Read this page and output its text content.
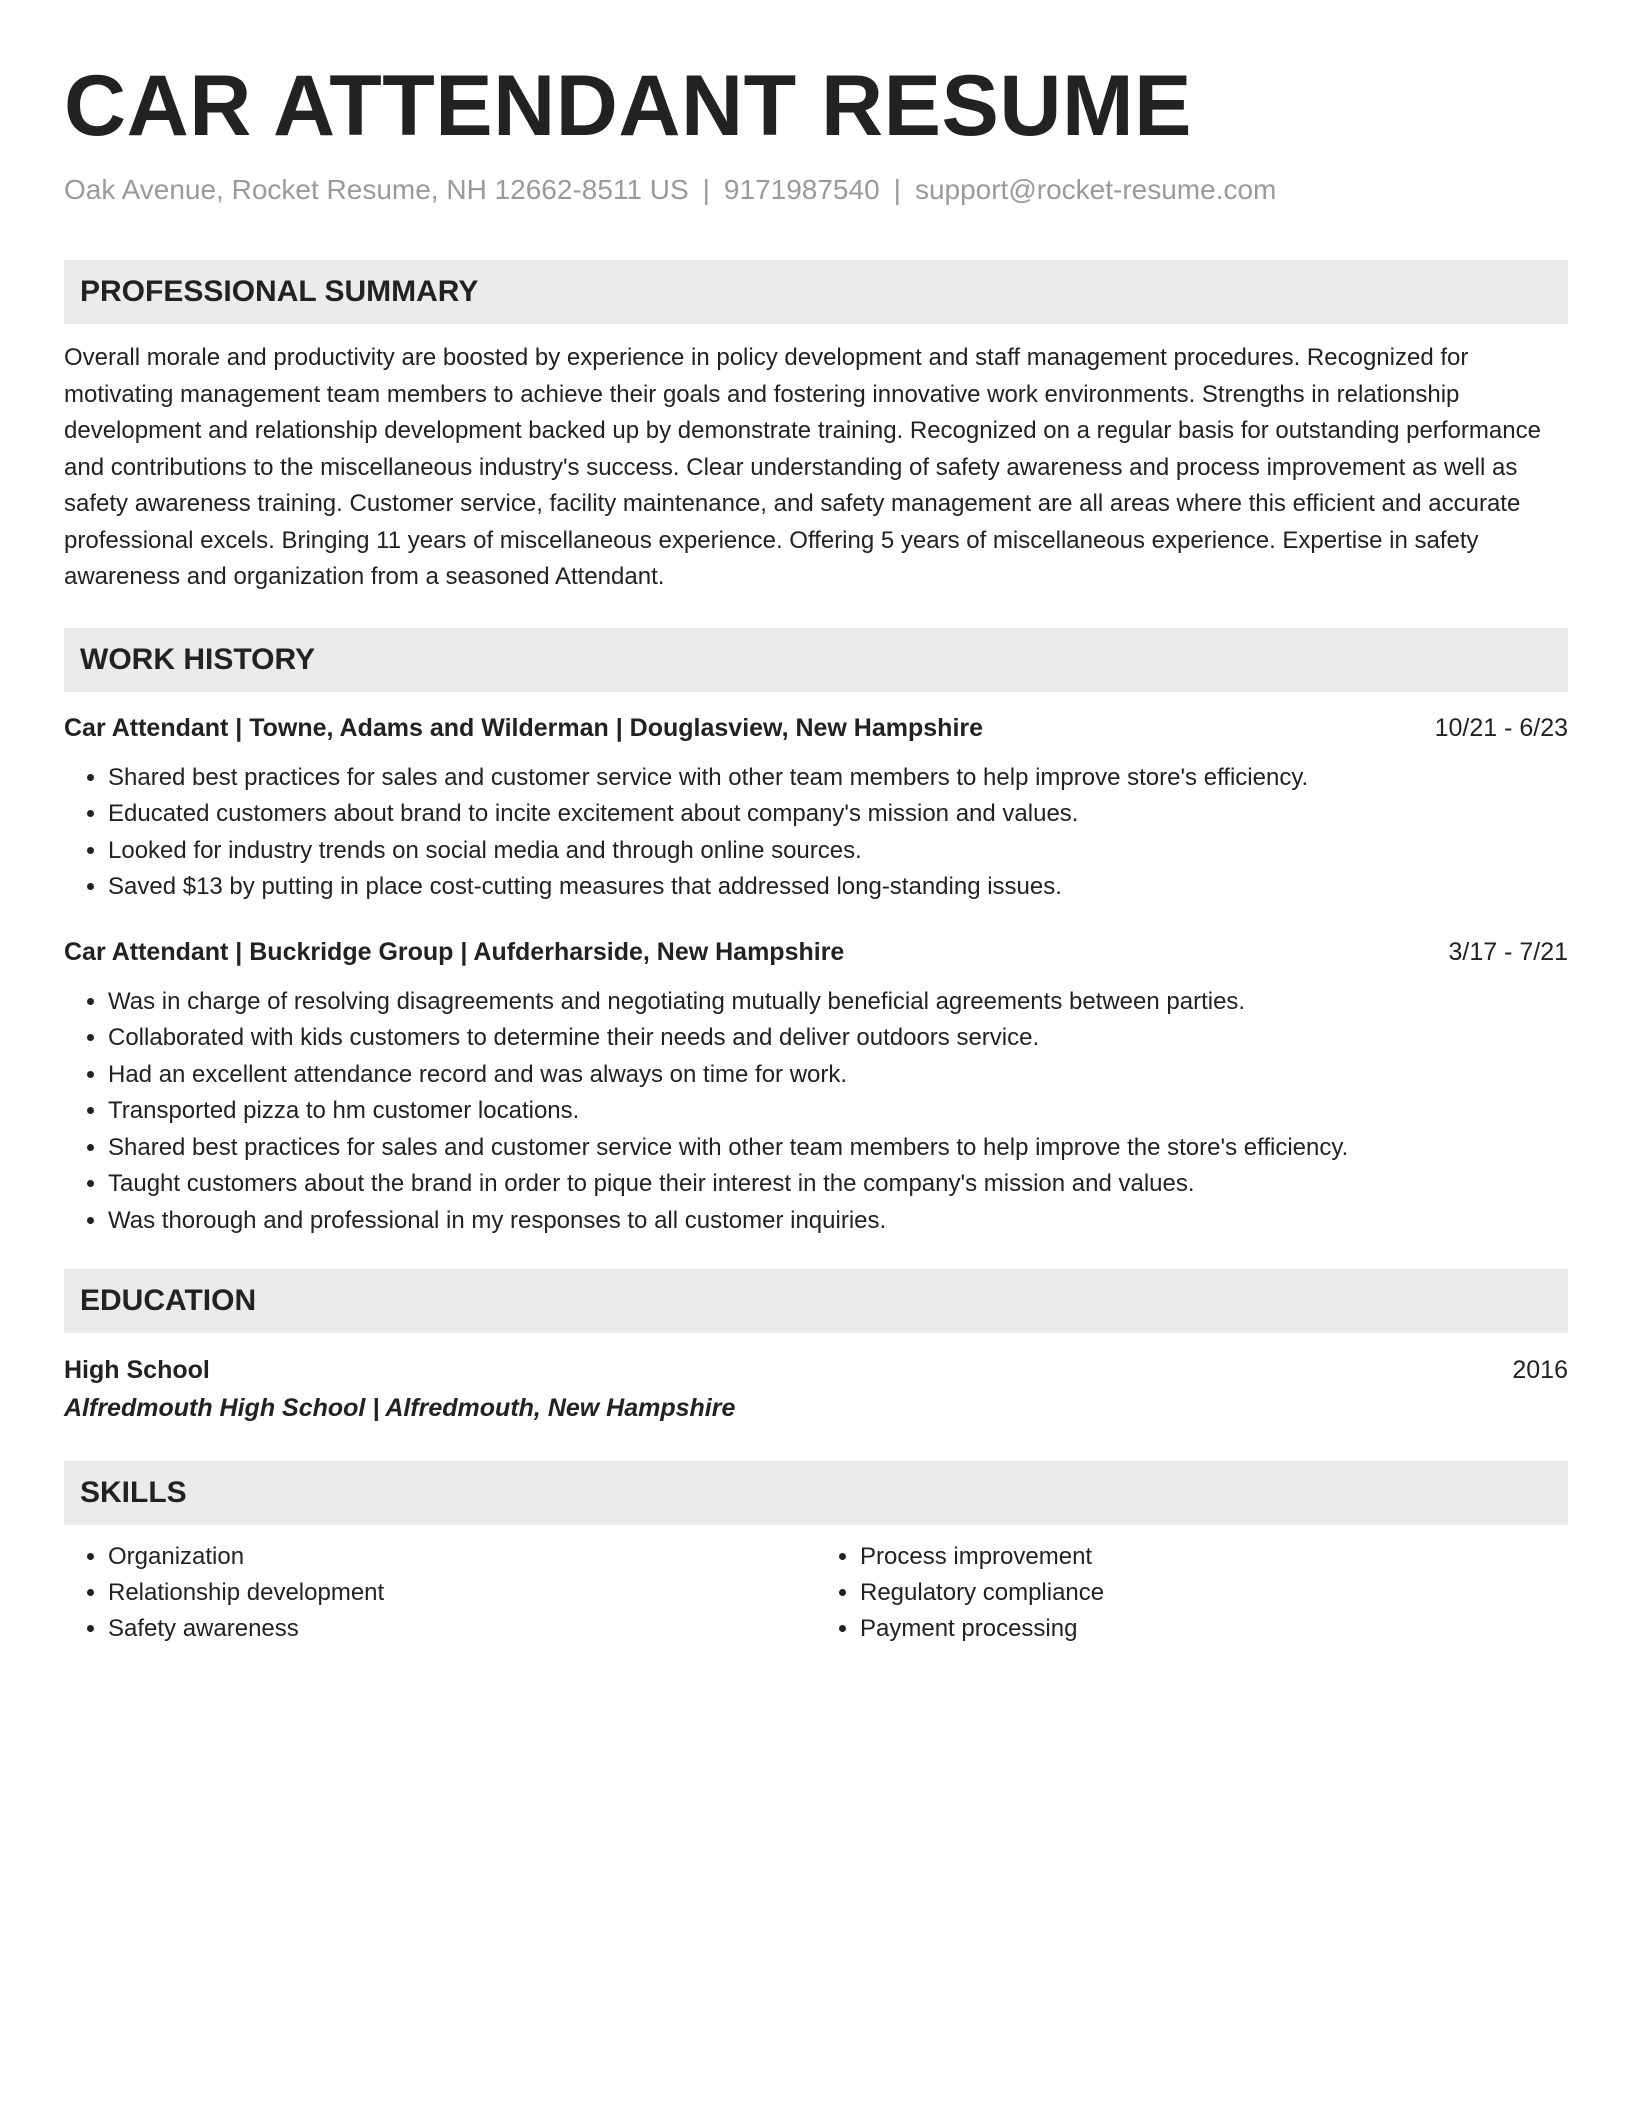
CAR ATTENDANT RESUME
Oak Avenue, Rocket Resume, NH 12662-8511 US | 9171987540 | support@rocket-resume.com
PROFESSIONAL SUMMARY

Overall morale and productivity are boosted by experience in policy development and staff management procedures. Recognized for motivating management team members to achieve their goals and fostering innovative work environments. Strengths in relationship development and relationship development backed up by demonstrate training. Recognized on a regular basis for outstanding performance and contributions to the miscellaneous industry's success. Clear understanding of safety awareness and process improvement as well as safety awareness training. Customer service, facility maintenance, and safety management are all areas where this efficient and accurate professional excels. Bringing 11 years of miscellaneous experience. Offering 5 years of miscellaneous experience. Expertise in safety awareness and organization from a seasoned Attendant.

WORK HISTORY
Car Attendant | Towne, Adams and Wilderman | Douglasview, New Hampshire	10/21 - 6/23
• Shared best practices for sales and customer service with other team members to help improve store's efficiency.
• Educated customers about brand to incite excitement about company's mission and values.
• Looked for industry trends on social media and through online sources.
• Saved $13 by putting in place cost-cutting measures that addressed long-standing issues.
Car Attendant | Buckridge Group | Aufderharside, New Hampshire	3/17 - 7/21
• Was in charge of resolving disagreements and negotiating mutually beneficial agreements between parties.
• Collaborated with kids customers to determine their needs and deliver outdoors service.
• Had an excellent attendance record and was always on time for work.
• Transported pizza to hm customer locations.
• Shared best practices for sales and customer service with other team members to help improve the store's efficiency.
• Taught customers about the brand in order to pique their interest in the company's mission and values.
• Was thorough and professional in my responses to all customer inquiries.
EDUCATION
High School	2016
Alfredmouth High School | Alfredmouth, New Hampshire
SKILLS
• Organization
• Relationship development
• Safety awareness
• Process improvement
• Regulatory compliance
• Payment processing
